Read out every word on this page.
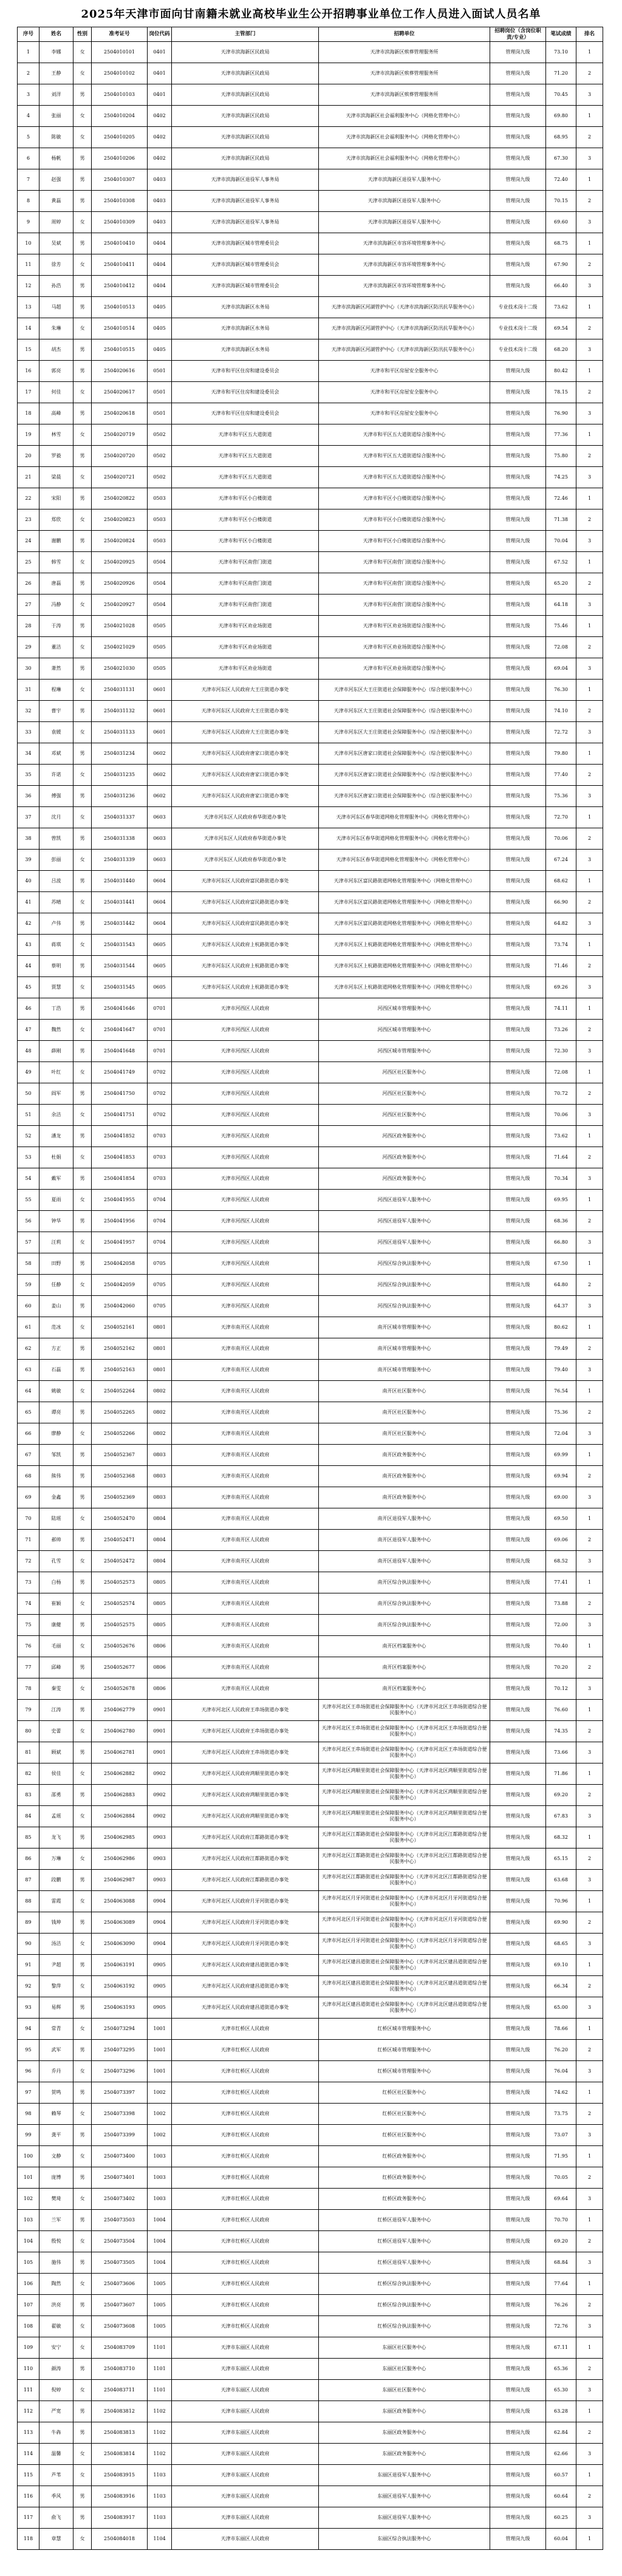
2025年天津市面向甘南籍未就业高校毕业生公开招聘事业单位工作人员进入面试人员名单
序号	姓名	性别	准考证号	岗位代码	主管部门	招聘单位	招聘岗位（含岗位职责/专业）	笔试成绩	排名
1	李娜	女	2504010101	0401	天津市滨海新区民政局	天津市滨海新区殡葬管理服务所	管理岗九级	73.10	1
2	王静	女	2504010102	0401	天津市滨海新区民政局	天津市滨海新区殡葬管理服务所	管理岗九级	71.20	2
3	刘洋	男	2504010103	0401	天津市滨海新区民政局	天津市滨海新区殡葬管理服务所	管理岗九级	70.45	3
4	张丽	女	2504010204	0402	天津市滨海新区民政局	天津市滨海新区社会福利服务中心（网格化管理中心）	管理岗九级	69.80	1
5	陈敏	女	2504010205	0402	天津市滨海新区民政局	天津市滨海新区社会福利服务中心（网格化管理中心）	管理岗九级	68.95	2
6	杨帆	男	2504010206	0402	天津市滨海新区民政局	天津市滨海新区社会福利服务中心（网格化管理中心）	管理岗九级	67.30	3
7	赵强	男	2504010307	0403	天津市滨海新区退役军人事务局	天津市滨海新区退役军人服务中心	管理岗九级	72.40	1
8	黄磊	男	2504010308	0403	天津市滨海新区退役军人事务局	天津市滨海新区退役军人服务中心	管理岗九级	70.15	2
9	周婷	女	2504010309	0403	天津市滨海新区退役军人事务局	天津市滨海新区退役军人服务中心	管理岗九级	69.60	3
10	吴斌	男	2504010410	0404	天津市滨海新区城市管理委员会	天津市滨海新区市容环境管理事务中心	管理岗九级	68.75	1
11	徐芳	女	2504010411	0404	天津市滨海新区城市管理委员会	天津市滨海新区市容环境管理事务中心	管理岗九级	67.90	2
12	孙浩	男	2504010412	0404	天津市滨海新区城市管理委员会	天津市滨海新区市容环境管理事务中心	管理岗九级	66.40	3
13	马超	男	2504010513	0405	天津市滨海新区水务局	天津市滨海新区河湖管护中心（天津市滨海新区防汛抗旱服务中心）	专业技术岗十二级	73.62	1
14	朱琳	女	2504010514	0405	天津市滨海新区水务局	天津市滨海新区河湖管护中心（天津市滨海新区防汛抗旱服务中心）	专业技术岗十二级	69.54	2
15	胡杰	男	2504010515	0405	天津市滨海新区水务局	天津市滨海新区河湖管护中心（天津市滨海新区防汛抗旱服务中心）	专业技术岗十二级	68.20	3
16	郭亮	男	2504020616	0501	天津市和平区住房和建设委员会	天津市和平区房屋安全服务中心	管理岗九级	80.42	1
17	何佳	女	2504020617	0501	天津市和平区住房和建设委员会	天津市和平区房屋安全服务中心	管理岗九级	78.15	2
18	高峰	男	2504020618	0501	天津市和平区住房和建设委员会	天津市和平区房屋安全服务中心	管理岗九级	76.90	3
19	林雪	女	2504020719	0502	天津市和平区五大道街道	天津市和平区五大道街道综合服务中心	管理岗九级	77.36	1
20	罗毅	男	2504020720	0502	天津市和平区五大道街道	天津市和平区五大道街道综合服务中心	管理岗九级	75.80	2
21	梁晨	女	2504020721	0502	天津市和平区五大道街道	天津市和平区五大道街道综合服务中心	管理岗九级	74.25	3
22	宋阳	男	2504020822	0503	天津市和平区小白楼街道	天津市和平区小白楼街道综合服务中心	管理岗九级	72.46	1
23	郑欣	女	2504020823	0503	天津市和平区小白楼街道	天津市和平区小白楼街道综合服务中心	管理岗九级	71.38	2
24	谢鹏	男	2504020824	0503	天津市和平区小白楼街道	天津市和平区小白楼街道综合服务中心	管理岗九级	70.04	3
25	韩雪	女	2504020925	0504	天津市和平区南营门街道	天津市和平区南营门街道综合服务中心	管理岗九级	67.52	1
26	唐磊	男	2504020926	0504	天津市和平区南营门街道	天津市和平区南营门街道综合服务中心	管理岗九级	65.20	2
27	冯静	女	2504020927	0504	天津市和平区南营门街道	天津市和平区南营门街道综合服务中心	管理岗九级	64.18	3
28	于涛	男	2504021028	0505	天津市和平区劝业场街道	天津市和平区劝业场街道综合服务中心	管理岗九级	75.46	1
29	董洁	女	2504021029	0505	天津市和平区劝业场街道	天津市和平区劝业场街道综合服务中心	管理岗九级	72.08	2
30	萧然	男	2504021030	0505	天津市和平区劝业场街道	天津市和平区劝业场街道综合服务中心	管理岗九级	69.04	3
31	程琳	女	2504031131	0601	天津市河东区人民政府大王庄街道办事处	天津市河东区大王庄街道社会保障服务中心（综合便民服务中心）	管理岗九级	76.30	1
32	曹宇	男	2504031132	0601	天津市河东区人民政府大王庄街道办事处	天津市河东区大王庄街道社会保障服务中心（综合便民服务中心）	管理岗九级	74.10	2
33	袁媛	女	2504031133	0601	天津市河东区人民政府大王庄街道办事处	天津市河东区大王庄街道社会保障服务中心（综合便民服务中心）	管理岗九级	72.72	3
34	邓斌	男	2504031234	0602	天津市河东区人民政府唐家口街道办事处	天津市河东区唐家口街道社会保障服务中心（综合便民服务中心）	管理岗九级	79.80	1
35	许诺	女	2504031235	0602	天津市河东区人民政府唐家口街道办事处	天津市河东区唐家口街道社会保障服务中心（综合便民服务中心）	管理岗九级	77.40	2
36	傅强	男	2504031236	0602	天津市河东区人民政府唐家口街道办事处	天津市河东区唐家口街道社会保障服务中心（综合便民服务中心）	管理岗九级	75.36	3
37	沈月	女	2504031337	0603	天津市河东区人民政府春华街道办事处	天津市河东区春华街道网格化管理服务中心（网格化管理中心）	管理岗九级	72.70	1
38	曾凯	男	2504031338	0603	天津市河东区人民政府春华街道办事处	天津市河东区春华街道网格化管理服务中心（网格化管理中心）	管理岗九级	70.06	2
39	彭丽	女	2504031339	0603	天津市河东区人民政府春华街道办事处	天津市河东区春华街道网格化管理服务中心（网格化管理中心）	管理岗九级	67.24	3
40	吕波	男	2504031440	0604	天津市河东区人民政府富民路街道办事处	天津市河东区富民路街道网格化管理服务中心（网格化管理中心）	管理岗九级	68.62	1
41	苏晴	女	2504031441	0604	天津市河东区人民政府富民路街道办事处	天津市河东区富民路街道网格化管理服务中心（网格化管理中心）	管理岗九级	66.90	2
42	卢伟	男	2504031442	0604	天津市河东区人民政府富民路街道办事处	天津市河东区富民路街道网格化管理服务中心（网格化管理中心）	管理岗九级	64.82	3
43	蒋琪	女	2504031543	0605	天津市河东区人民政府上杭路街道办事处	天津市河东区上杭路街道网格化管理服务中心（网格化管理中心）	管理岗九级	73.74	1
44	蔡明	男	2504031544	0605	天津市河东区人民政府上杭路街道办事处	天津市河东区上杭路街道网格化管理服务中心（网格化管理中心）	管理岗九级	71.46	2
45	贾慧	女	2504031545	0605	天津市河东区人民政府上杭路街道办事处	天津市河东区上杭路街道网格化管理服务中心（网格化管理中心）	管理岗九级	69.26	3
46	丁浩	男	2504041646	0701	天津市河西区人民政府	河西区城市管理服务中心	管理岗九级	74.11	1
47	魏然	女	2504041647	0701	天津市河西区人民政府	河西区城市管理服务中心	管理岗九级	73.26	2
48	薛刚	男	2504041648	0701	天津市河西区人民政府	河西区城市管理服务中心	管理岗九级	72.30	3
49	叶红	女	2504041749	0702	天津市河西区人民政府	河西区社区服务中心	管理岗九级	72.08	1
50	阎军	男	2504041750	0702	天津市河西区人民政府	河西区社区服务中心	管理岗九级	70.72	2
51	余洁	女	2504041751	0702	天津市河西区人民政府	河西区社区服务中心	管理岗九级	70.06	3
52	潘龙	男	2504041852	0703	天津市河西区人民政府	河西区政务服务中心	管理岗九级	73.62	1
53	杜娟	女	2504041853	0703	天津市河西区人民政府	河西区政务服务中心	管理岗九级	71.64	2
54	戴军	男	2504041854	0703	天津市河西区人民政府	河西区政务服务中心	管理岗九级	70.34	3
55	夏雨	女	2504041955	0704	天津市河西区人民政府	河西区退役军人服务中心	管理岗九级	69.95	1
56	钟华	男	2504041956	0704	天津市河西区人民政府	河西区退役军人服务中心	管理岗九级	68.36	2
57	汪莉	女	2504041957	0704	天津市河西区人民政府	河西区退役军人服务中心	管理岗九级	66.80	3
58	田野	男	2504042058	0705	天津市河西区人民政府	河西区综合执法服务中心	管理岗九级	67.50	1
59	任静	女	2504042059	0705	天津市河西区人民政府	河西区综合执法服务中心	管理岗九级	64.80	2
60	姜山	男	2504042060	0705	天津市河西区人民政府	河西区综合执法服务中心	管理岗九级	64.37	3
61	范冰	女	2504052161	0801	天津市南开区人民政府	南开区城市管理服务中心	管理岗九级	80.62	1
62	方正	男	2504052162	0801	天津市南开区人民政府	南开区城市管理服务中心	管理岗九级	79.49	2
63	石磊	男	2504052163	0801	天津市南开区人民政府	南开区城市管理服务中心	管理岗九级	79.40	3
64	姚敏	女	2504052264	0802	天津市南开区人民政府	南开区社区服务中心	管理岗九级	76.54	1
65	谭亮	男	2504052265	0802	天津市南开区人民政府	南开区社区服务中心	管理岗九级	75.36	2
66	廖静	女	2504052266	0802	天津市南开区人民政府	南开区社区服务中心	管理岗九级	72.04	3
67	邹凯	男	2504052367	0803	天津市南开区人民政府	南开区政务服务中心	管理岗九级	69.99	1
68	熊伟	男	2504052368	0803	天津市南开区人民政府	南开区政务服务中心	管理岗九级	69.94	2
69	金鑫	男	2504052369	0803	天津市南开区人民政府	南开区政务服务中心	管理岗九级	69.00	3
70	陆瑶	女	2504052470	0804	天津市南开区人民政府	南开区退役军人服务中心	管理岗九级	69.50	1
71	郝帅	男	2504052471	0804	天津市南开区人民政府	南开区退役军人服务中心	管理岗九级	69.06	2
72	孔雪	女	2504052472	0804	天津市南开区人民政府	南开区退役军人服务中心	管理岗九级	68.52	3
73	白杨	男	2504052573	0805	天津市南开区人民政府	南开区综合执法服务中心	管理岗九级	77.41	1
74	崔颖	女	2504052574	0805	天津市南开区人民政府	南开区综合执法服务中心	管理岗九级	73.88	2
75	康健	男	2504052575	0805	天津市南开区人民政府	南开区综合执法服务中心	管理岗九级	72.00	3
76	毛丽	女	2504052676	0806	天津市南开区人民政府	南开区档案服务中心	管理岗九级	70.40	1
77	邱峰	男	2504052677	0806	天津市南开区人民政府	南开区档案服务中心	管理岗九级	70.20	2
78	秦雯	女	2504052678	0806	天津市南开区人民政府	南开区档案服务中心	管理岗九级	70.12	3
79	江涛	男	2504062779	0901	天津市河北区人民政府王串场街道办事处	天津市河北区王串场街道社会保障服务中心（天津市河北区王串场街道综合便民服务中心）	管理岗九级	76.60	1
80	史蕾	女	2504062780	0901	天津市河北区人民政府王串场街道办事处	天津市河北区王串场街道社会保障服务中心（天津市河北区王串场街道综合便民服务中心）	管理岗九级	74.35	2
81	顾斌	男	2504062781	0901	天津市河北区人民政府王串场街道办事处	天津市河北区王串场街道社会保障服务中心（天津市河北区王串场街道综合便民服务中心）	管理岗九级	73.66	3
82	侯佳	女	2504062882	0902	天津市河北区人民政府鸿顺里街道办事处	天津市河北区鸿顺里街道社会保障服务中心（天津市河北区鸿顺里街道综合便民服务中心）	管理岗九级	71.86	1
83	邵勇	男	2504062883	0902	天津市河北区人民政府鸿顺里街道办事处	天津市河北区鸿顺里街道社会保障服务中心（天津市河北区鸿顺里街道综合便民服务中心）	管理岗九级	69.20	2
84	孟瑶	女	2504062884	0902	天津市河北区人民政府鸿顺里街道办事处	天津市河北区鸿顺里街道社会保障服务中心（天津市河北区鸿顺里街道综合便民服务中心）	管理岗九级	67.83	3
85	龙飞	男	2504062985	0903	天津市河北区人民政府江都路街道办事处	天津市河北区江都路街道社会保障服务中心（天津市河北区江都路街道综合便民服务中心）	管理岗九级	68.32	1
86	万琳	女	2504062986	0903	天津市河北区人民政府江都路街道办事处	天津市河北区江都路街道社会保障服务中心（天津市河北区江都路街道综合便民服务中心）	管理岗九级	65.15	2
87	段鹏	男	2504062987	0903	天津市河北区人民政府江都路街道办事处	天津市河北区江都路街道社会保障服务中心（天津市河北区江都路街道综合便民服务中心）	管理岗九级	63.68	3
88	雷霞	女	2504063088	0904	天津市河北区人民政府月牙河街道办事处	天津市河北区月牙河街道社会保障服务中心（天津市河北区月牙河街道综合便民服务中心）	管理岗九级	70.96	1
89	钱坤	男	2504063089	0904	天津市河北区人民政府月牙河街道办事处	天津市河北区月牙河街道社会保障服务中心（天津市河北区月牙河街道综合便民服务中心）	管理岗九级	69.90	2
90	汤洁	女	2504063090	0904	天津市河北区人民政府月牙河街道办事处	天津市河北区月牙河街道社会保障服务中心（天津市河北区月牙河街道综合便民服务中心）	管理岗九级	68.65	3
91	尹超	男	2504063191	0905	天津市河北区人民政府建昌道街道办事处	天津市河北区建昌道街道社会保障服务中心（天津市河北区建昌道街道综合便民服务中心）	管理岗九级	69.10	1
92	黎萍	女	2504063192	0905	天津市河北区人民政府建昌道街道办事处	天津市河北区建昌道街道社会保障服务中心（天津市河北区建昌道街道综合便民服务中心）	管理岗九级	66.34	2
93	易辉	男	2504063193	0905	天津市河北区人民政府建昌道街道办事处	天津市河北区建昌道街道社会保障服务中心（天津市河北区建昌道街道综合便民服务中心）	管理岗九级	65.00	3
94	常青	女	2504073294	1001	天津市红桥区人民政府	红桥区城市管理服务中心	管理岗九级	78.66	1
95	武军	男	2504073295	1001	天津市红桥区人民政府	红桥区城市管理服务中心	管理岗九级	76.20	2
96	乔丹	女	2504073296	1001	天津市红桥区人民政府	红桥区城市管理服务中心	管理岗九级	76.04	3
97	贺鸣	男	2504073397	1002	天津市红桥区人民政府	红桥区社区服务中心	管理岗九级	74.62	1
98	赖琴	女	2504073398	1002	天津市红桥区人民政府	红桥区社区服务中心	管理岗九级	73.75	2
99	龚平	男	2504073399	1002	天津市红桥区人民政府	红桥区社区服务中心	管理岗九级	73.07	3
100	文静	女	2504073400	1003	天津市红桥区人民政府	红桥区政务服务中心	管理岗九级	71.95	1
101	庞博	男	2504073401	1003	天津市红桥区人民政府	红桥区政务服务中心	管理岗九级	70.05	2
102	樊琦	女	2504073402	1003	天津市红桥区人民政府	红桥区政务服务中心	管理岗九级	69.64	3
103	兰军	男	2504073503	1004	天津市红桥区人民政府	红桥区退役军人服务中心	管理岗九级	70.70	1
104	殷悦	女	2504073504	1004	天津市红桥区人民政府	红桥区退役军人服务中心	管理岗九级	69.20	2
105	施伟	男	2504073505	1004	天津市红桥区人民政府	红桥区退役军人服务中心	管理岗九级	68.84	3
106	陶然	女	2504073606	1005	天津市红桥区人民政府	红桥区综合执法服务中心	管理岗九级	77.64	1
107	洪亮	男	2504073607	1005	天津市红桥区人民政府	红桥区综合执法服务中心	管理岗九级	76.26	2
108	翟敏	女	2504073608	1005	天津市红桥区人民政府	红桥区综合执法服务中心	管理岗九级	72.76	3
109	安宁	女	2504083709	1101	天津市东丽区人民政府	东丽区社区服务中心	管理岗九级	67.11	1
110	颜涛	男	2504083710	1101	天津市东丽区人民政府	东丽区社区服务中心	管理岗九级	65.36	2
111	倪婷	女	2504083711	1101	天津市东丽区人民政府	东丽区社区服务中心	管理岗九级	65.30	3
112	严宽	男	2504083812	1102	天津市东丽区人民政府	东丽区政务服务中心	管理岗九级	63.28	1
113	牛犇	男	2504083813	1102	天津市东丽区人民政府	东丽区政务服务中心	管理岗九级	62.84	2
114	温馨	女	2504083814	1102	天津市东丽区人民政府	东丽区政务服务中心	管理岗九级	62.66	3
115	芦苇	女	2504083915	1103	天津市东丽区人民政府	东丽区退役军人服务中心	管理岗九级	60.57	1
116	季风	男	2504083916	1103	天津市东丽区人民政府	东丽区退役军人服务中心	管理岗九级	60.64	2
117	俞飞	男	2504083917	1103	天津市东丽区人民政府	东丽区退役军人服务中心	管理岗九级	60.25	3
118	章慧	女	2504084018	1104	天津市东丽区人民政府	东丽区综合执法服务中心	管理岗九级	60.04	1
